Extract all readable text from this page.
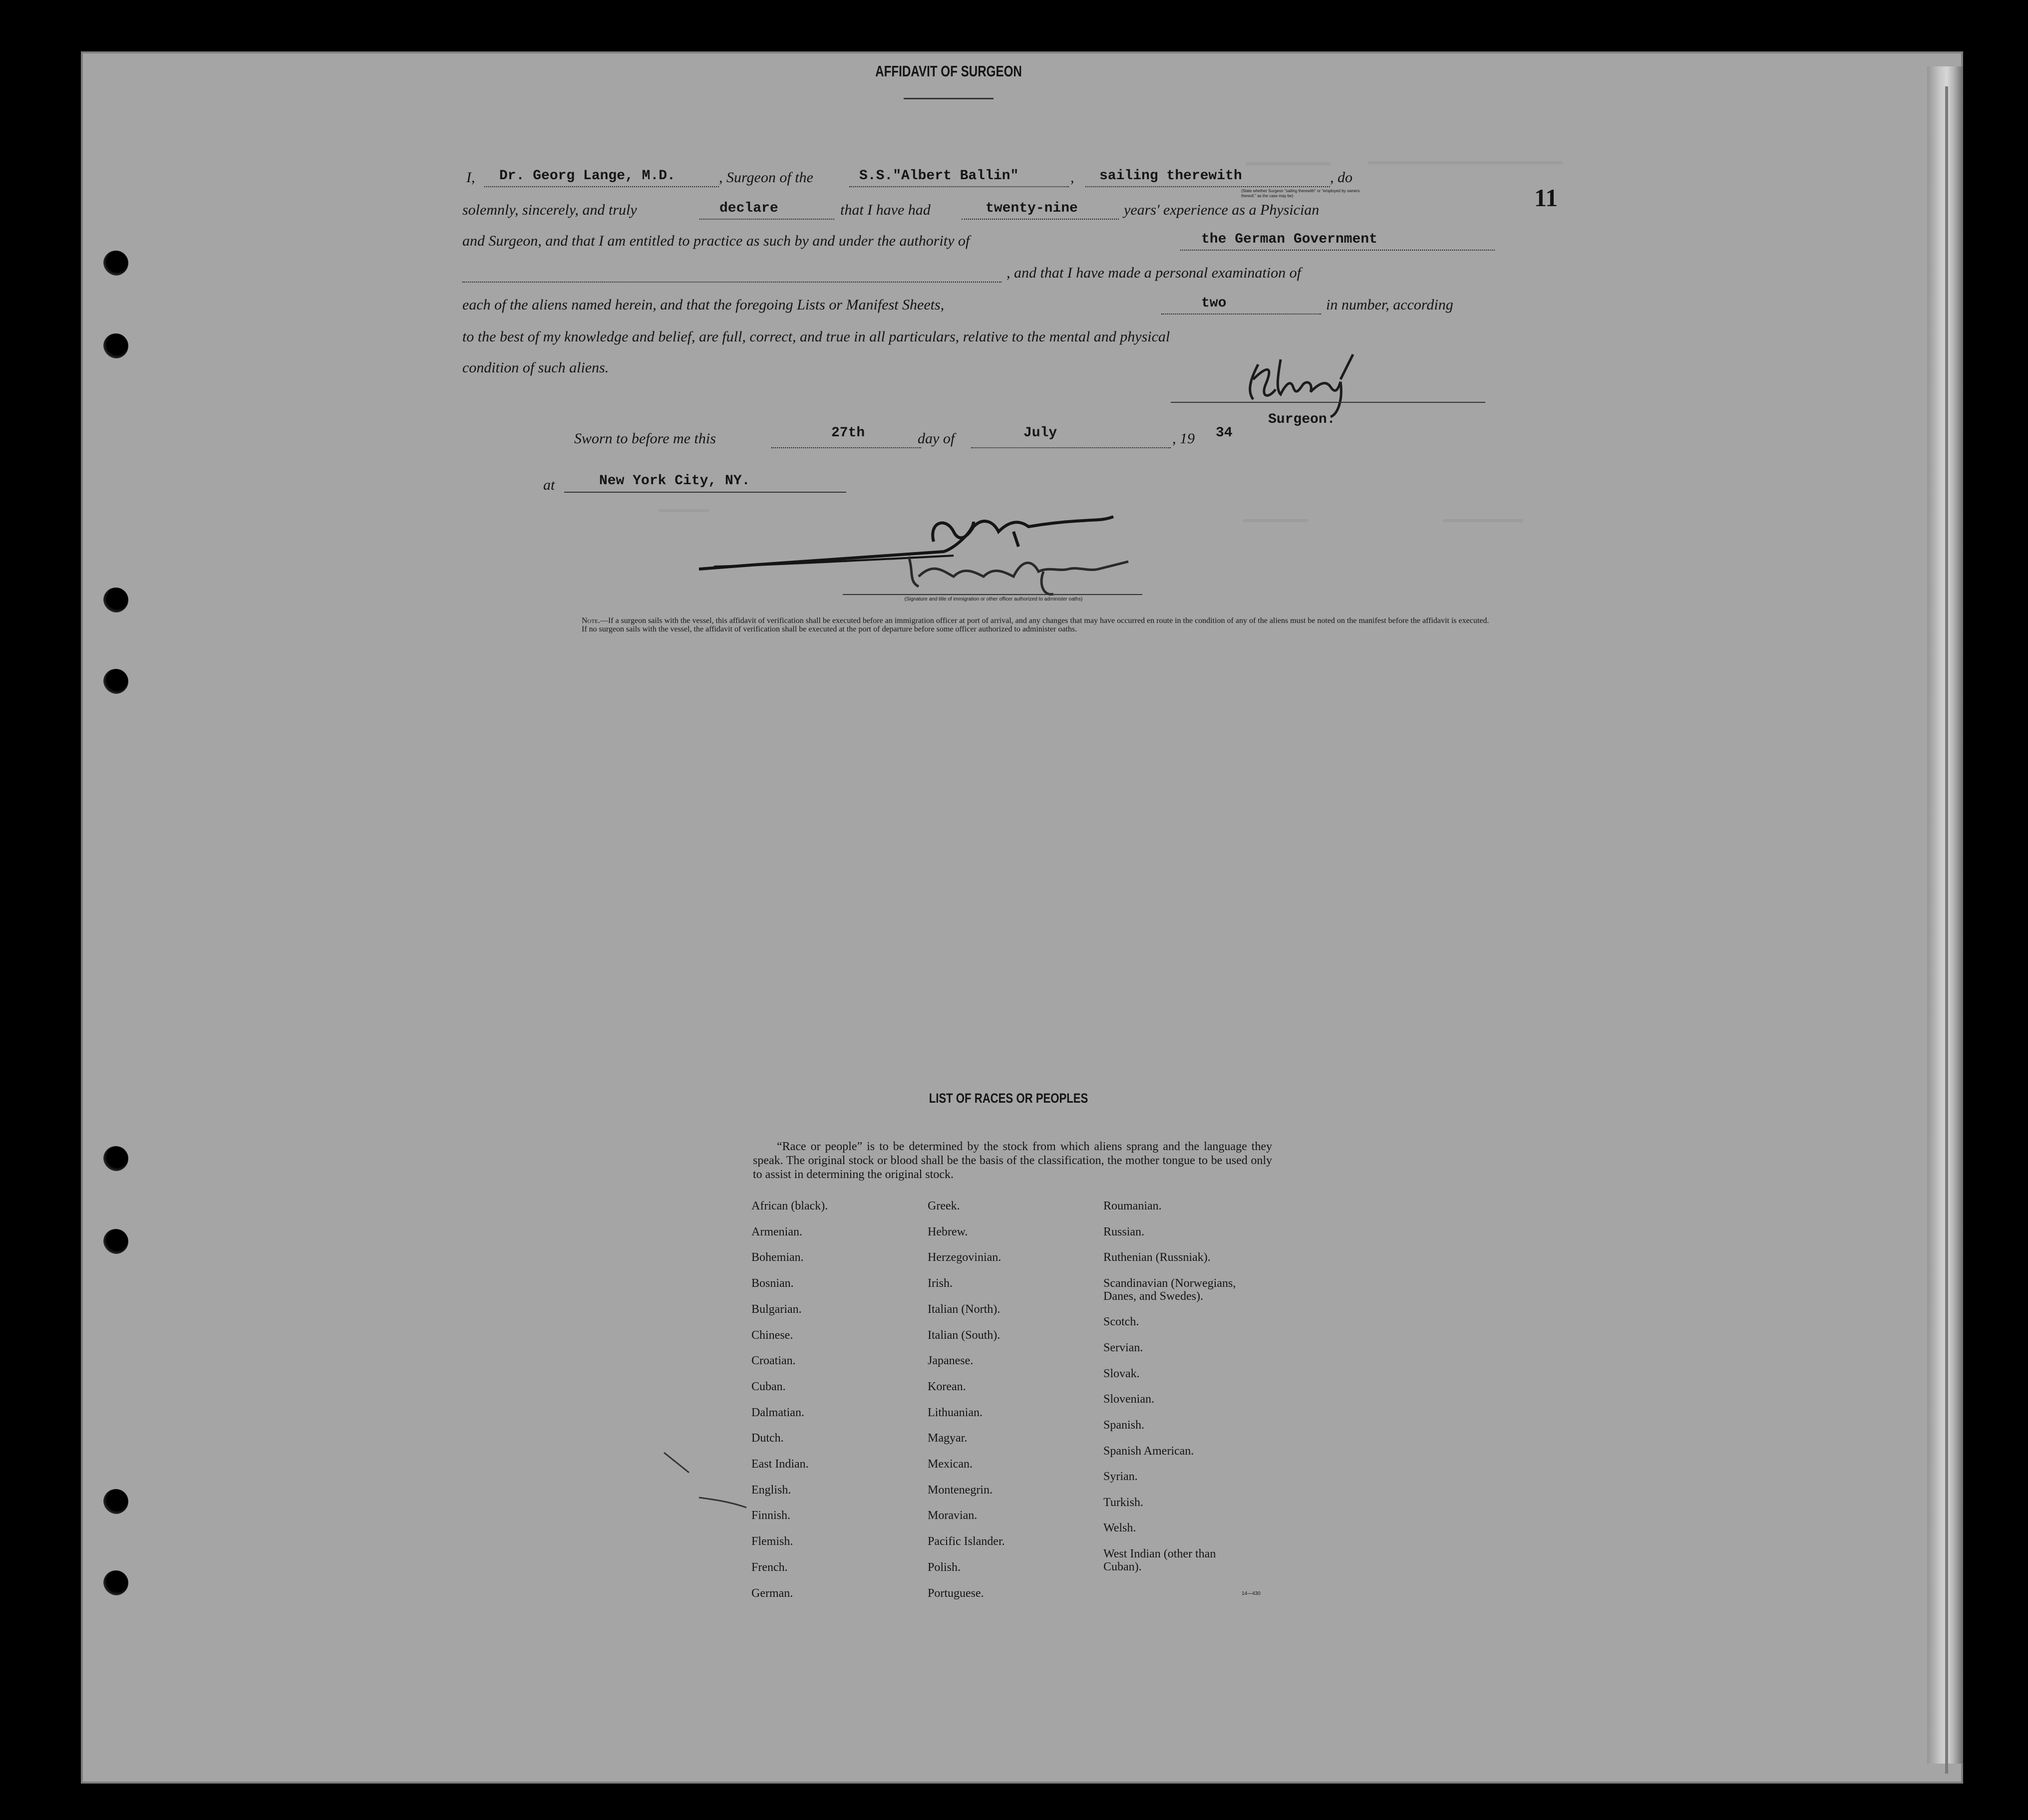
11
AFFIDAVIT OF SURGEON
I, Dr. Georg Lange, M.D.	, Surgeon of the	S.S."Albert Ballin"	, sailing therewith	, do
(State whether Surgeon "sailing therewith" or "employed by owners thereof," as the case may be)
solemnly, sincerely, and truly	declare	that I have had	twenty-nine	years' experience as a Physician
and Surgeon, and that I am entitled to practice as such by and under the authority of	the German Government
, and that I have made a personal examination of
each of the aliens named herein, and that the foregoing Lists or Manifest Sheets,	two	in number, according
to the best of my knowledge and belief, are full, correct, and true in all particulars, relative to the mental and physical
condition of such aliens.
Surgeon.
Sworn to before me this	27th	day of	July	, 19 34
at	New York City, NY.
(Signature and title of immigration or other officer authorized to administer oaths)
Note.—If a surgeon sails with the vessel, this affidavit of verification shall be executed before an immigration officer at port of arrival, and any changes that may have occurred en route in the condition of any of the aliens must be noted on the manifest before the affidavit is executed.
If no surgeon sails with the vessel, the affidavit of verification shall be executed at the port of departure before some officer authorized to administer oaths.
LIST OF RACES OR PEOPLES
“Race or people” is to be determined by the stock from which aliens sprang and the language they speak. The original stock or blood shall be the basis of the classification, the mother tongue to be used only to assist in determining the original stock.
African (black).
Armenian.
Bohemian.
Bosnian.
Bulgarian.
Chinese.
Croatian.
Cuban.
Dalmatian.
Dutch.
East Indian.
English.
Finnish.
Flemish.
French.
German.
Greek.
Hebrew.
Herzegovinian.
Irish.
Italian (North).
Italian (South).
Japanese.
Korean.
Lithuanian.
Magyar.
Mexican.
Montenegrin.
Moravian.
Pacific Islander.
Polish.
Portuguese.
Roumanian.
Russian.
Ruthenian (Russniak).
Scandinavian (Norwegians,
Danes, and Swedes).
Scotch.
Servian.
Slovak.
Slovenian.
Spanish.
Spanish American.
Syrian.
Turkish.
Welsh.
West Indian (other than
Cuban).
14—430
